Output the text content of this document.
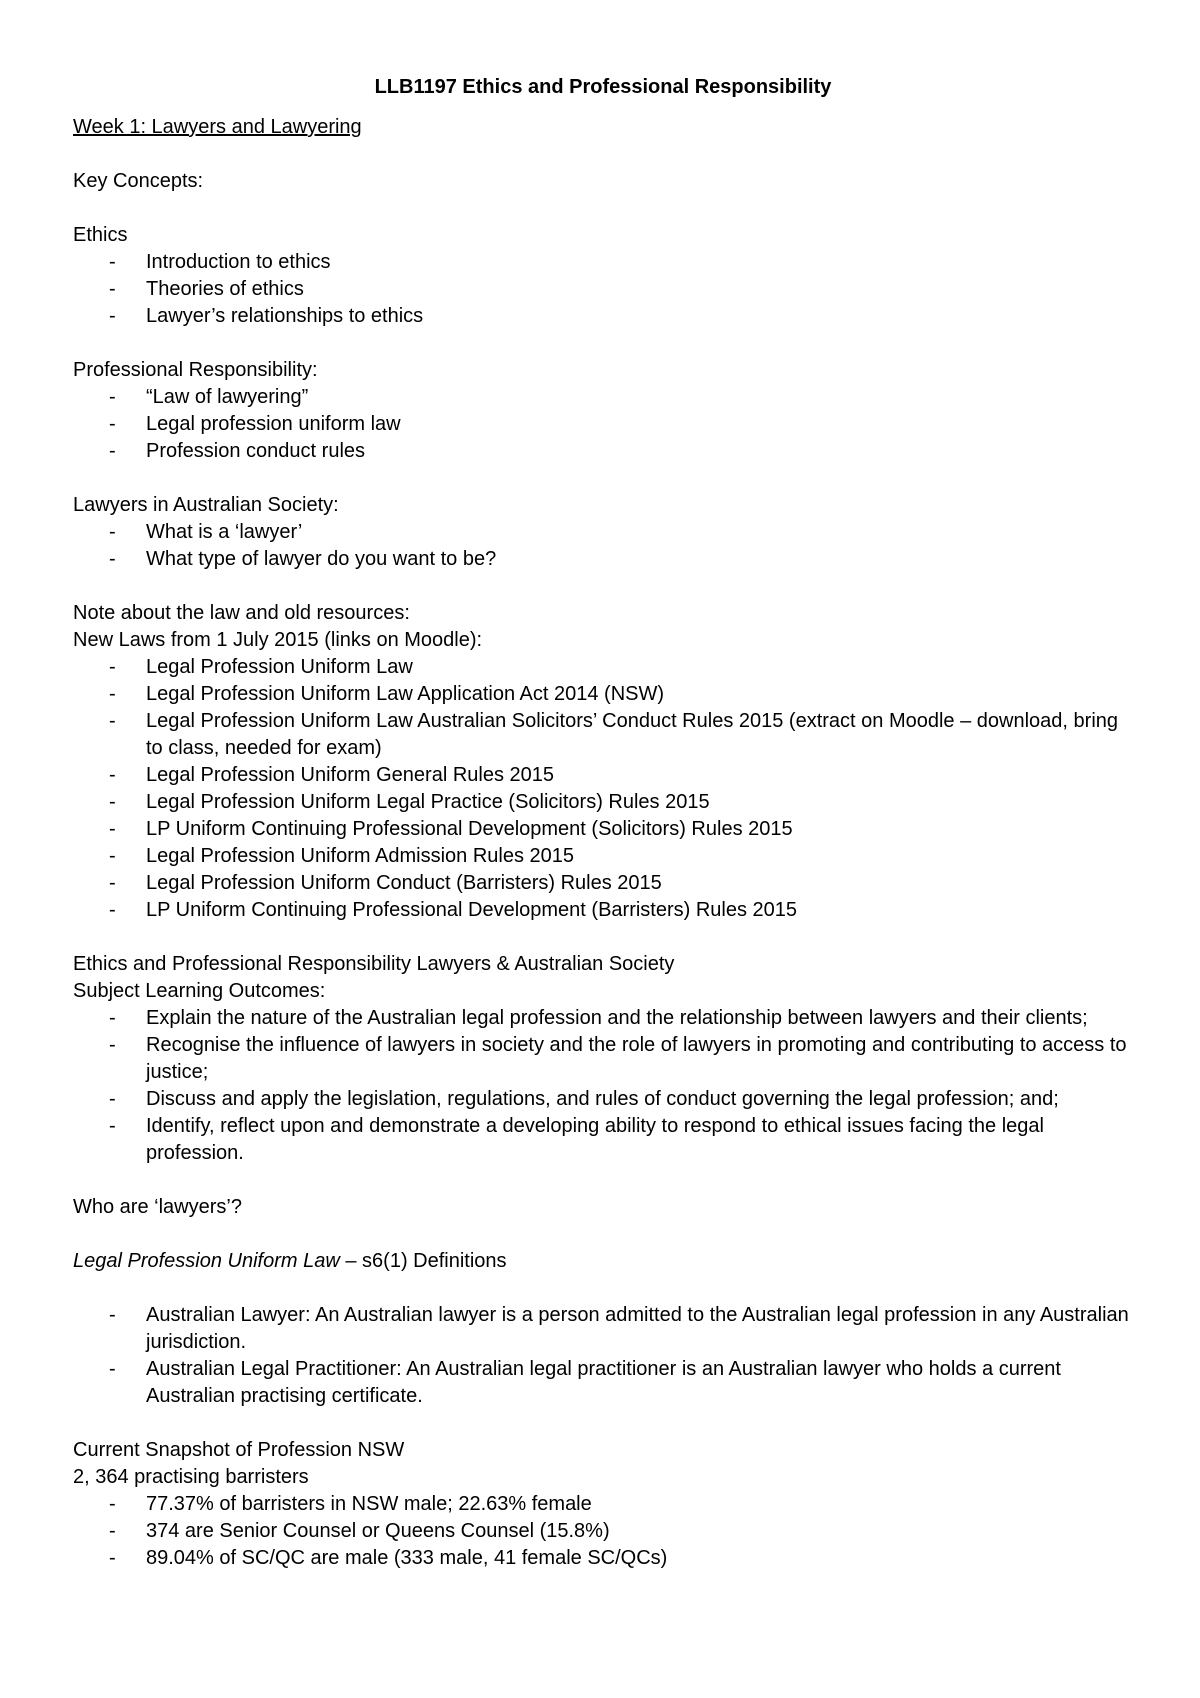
LLB1197 Ethics and Professional Responsibility

Week 1: Lawyers and Lawyering

Key Concepts:

Ethics

- Introduction to ethics
- Theories of ethics
- Lawyer’s relationships to ethics

Professional Responsibility:

- “Law of lawyering”
- Legal profession uniform law
- Profession conduct rules

Lawyers in Australian Society:

- What is a ‘lawyer’
- What type of lawyer do you want to be?

Note about the law and old resources:

New Laws from 1 July 2015 (links on Moodle):

- Legal Profession Uniform Law
- Legal Profession Uniform Law Application Act 2014 (NSW)
- Legal Profession Uniform Law Australian Solicitors’ Conduct Rules 2015 (extract on Moodle – download, bring to class, needed for exam)
- Legal Profession Uniform General Rules 2015
- Legal Profession Uniform Legal Practice (Solicitors) Rules 2015
- LP Uniform Continuing Professional Development (Solicitors) Rules 2015
- Legal Profession Uniform Admission Rules 2015
- Legal Profession Uniform Conduct (Barristers) Rules 2015
- LP Uniform Continuing Professional Development (Barristers) Rules 2015

Ethics and Professional Responsibility Lawyers & Australian Society

Subject Learning Outcomes:

- Explain the nature of the Australian legal profession and the relationship between lawyers and their clients;
- Recognise the influence of lawyers in society and the role of lawyers in promoting and contributing to access to justice;
- Discuss and apply the legislation, regulations, and rules of conduct governing the legal profession; and;
- Identify, reflect upon and demonstrate a developing ability to respond to ethical issues facing the legal profession.

Who are ‘lawyers’?

Legal Profession Uniform Law – s6(1) Definitions

- Australian Lawyer: An Australian lawyer is a person admitted to the Australian legal profession in any Australian jurisdiction.
- Australian Legal Practitioner: An Australian legal practitioner is an Australian lawyer who holds a current Australian practising certificate.

Current Snapshot of Profession NSW

2, 364 practising barristers

- 77.37% of barristers in NSW male; 22.63% female
- 374 are Senior Counsel or Queens Counsel (15.8%)
- 89.04% of SC/QC are male (333 male, 41 female SC/QCs)
